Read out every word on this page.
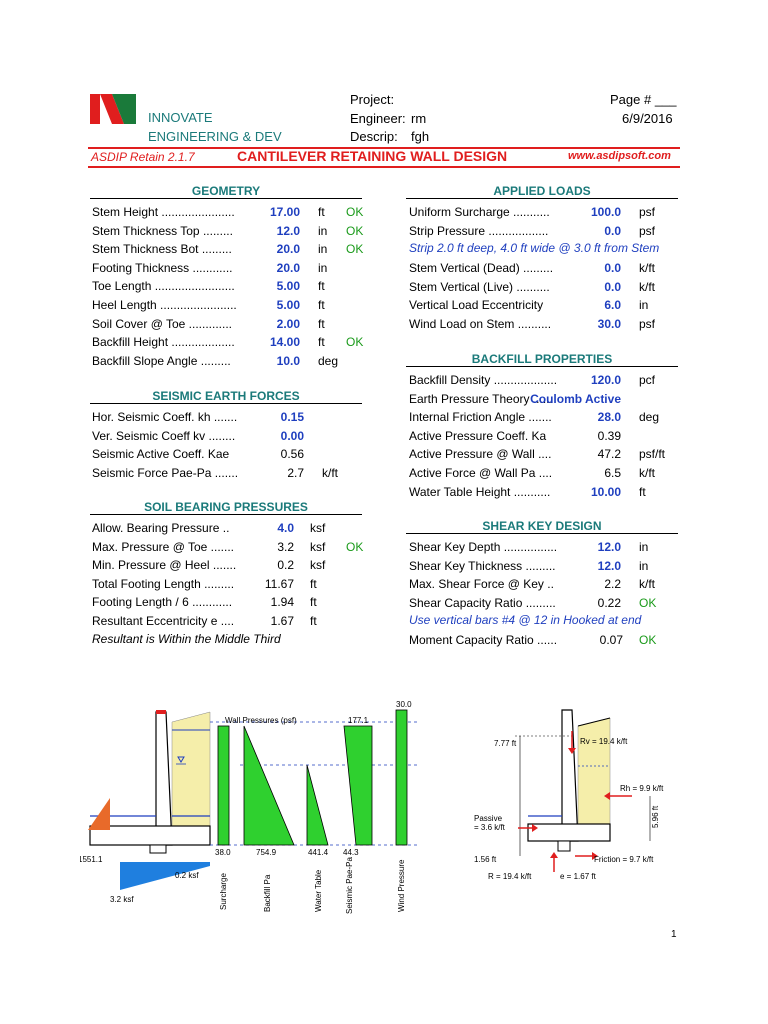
INNOVATE
ENGINEERING & DEV
Project:
Engineer: rm
Descrip: fgh
Page # ___
6/9/2016
ASDIP Retain 2.1.7	CANTILEVER RETAINING WALL DESIGN	www.asdipsoft.com
GEOMETRY
Stem Height ......................	17.00 ft OK
Stem Thickness Top .........	12.0 in OK
Stem Thickness Bot .........	20.0 in OK
Footing Thickness ............	20.0 in
Toe Length ........................	5.00 ft
Heel Length .......................	5.00 ft
Soil Cover @ Toe .............	2.00 ft
Backfill Height ...................	14.00 ft OK
Backfill Slope Angle .........	10.0 deg
SEISMIC EARTH FORCES
Hor. Seismic Coeff. kh .......	0.15
Ver. Seismic Coeff kv ........	0.00
Seismic Active Coeff. Kae	0.56
Seismic Force Pae-Pa .......	2.7 k/ft
SOIL BEARING PRESSURES
Allow. Bearing Pressure ..	4.0 ksf
Max. Pressure @ Toe .......	3.2 ksf OK
Min. Pressure @ Heel .......	0.2 ksf
Total Footing Length .........	11.67 ft
Footing Length / 6 ............	1.94 ft
Resultant Eccentricity e ....	1.67 ft
Resultant is Within the Middle Third
APPLIED LOADS
Uniform Surcharge ...........	100.0 psf
Strip Pressure ..................	0.0 psf
Strip 2.0 ft deep, 4.0 ft wide @ 3.0 ft from Stem
Stem Vertical (Dead) .........	0.0 k/ft
Stem Vertical (Live) ..........	0.0 k/ft
Vertical Load Eccentricity	6.0 in
Wind Load on Stem ..........	30.0 psf
BACKFILL PROPERTIES
Backfill Density ...................	120.0 pcf
Earth Pressure Theory ......
Coulomb Active
Internal Friction Angle .......	28.0 deg
Active Pressure Coeff. Ka	0.39
Active Pressure @ Wall ....	47.2 psf/ft
Active Force @ Wall Pa ....	6.5 k/ft
Water Table Height ...........	10.00 ft
SHEAR KEY DESIGN
Shear Key Depth ................	12.0 in
Shear Key Thickness .........	12.0 in
Max. Shear Force @ Key ..	2.2 k/ft
Shear Capacity Ratio .........	0.22 OK
Use vertical bars #4 @ 12 in Hooked at end
Moment Capacity Ratio ......	0.07 OK
Wall Pressures (psf)
30.0
177.1
1551.1
0.2 ksf
3.2 ksf
38.0	754.9	441.4 44.3
Surcharge	Backfill Pa	Water Table	Seismic Pae-Pa	Wind Pressure
Rv = 19.4 k/ft
7.77 ft
Rh = 9.9 k/ft
5.96 ft
Passive
= 3.6 k/ft
1.56 ft	Friction = 9.7 k/ft
R = 19.4 k/ft	e = 1.67 ft
1
